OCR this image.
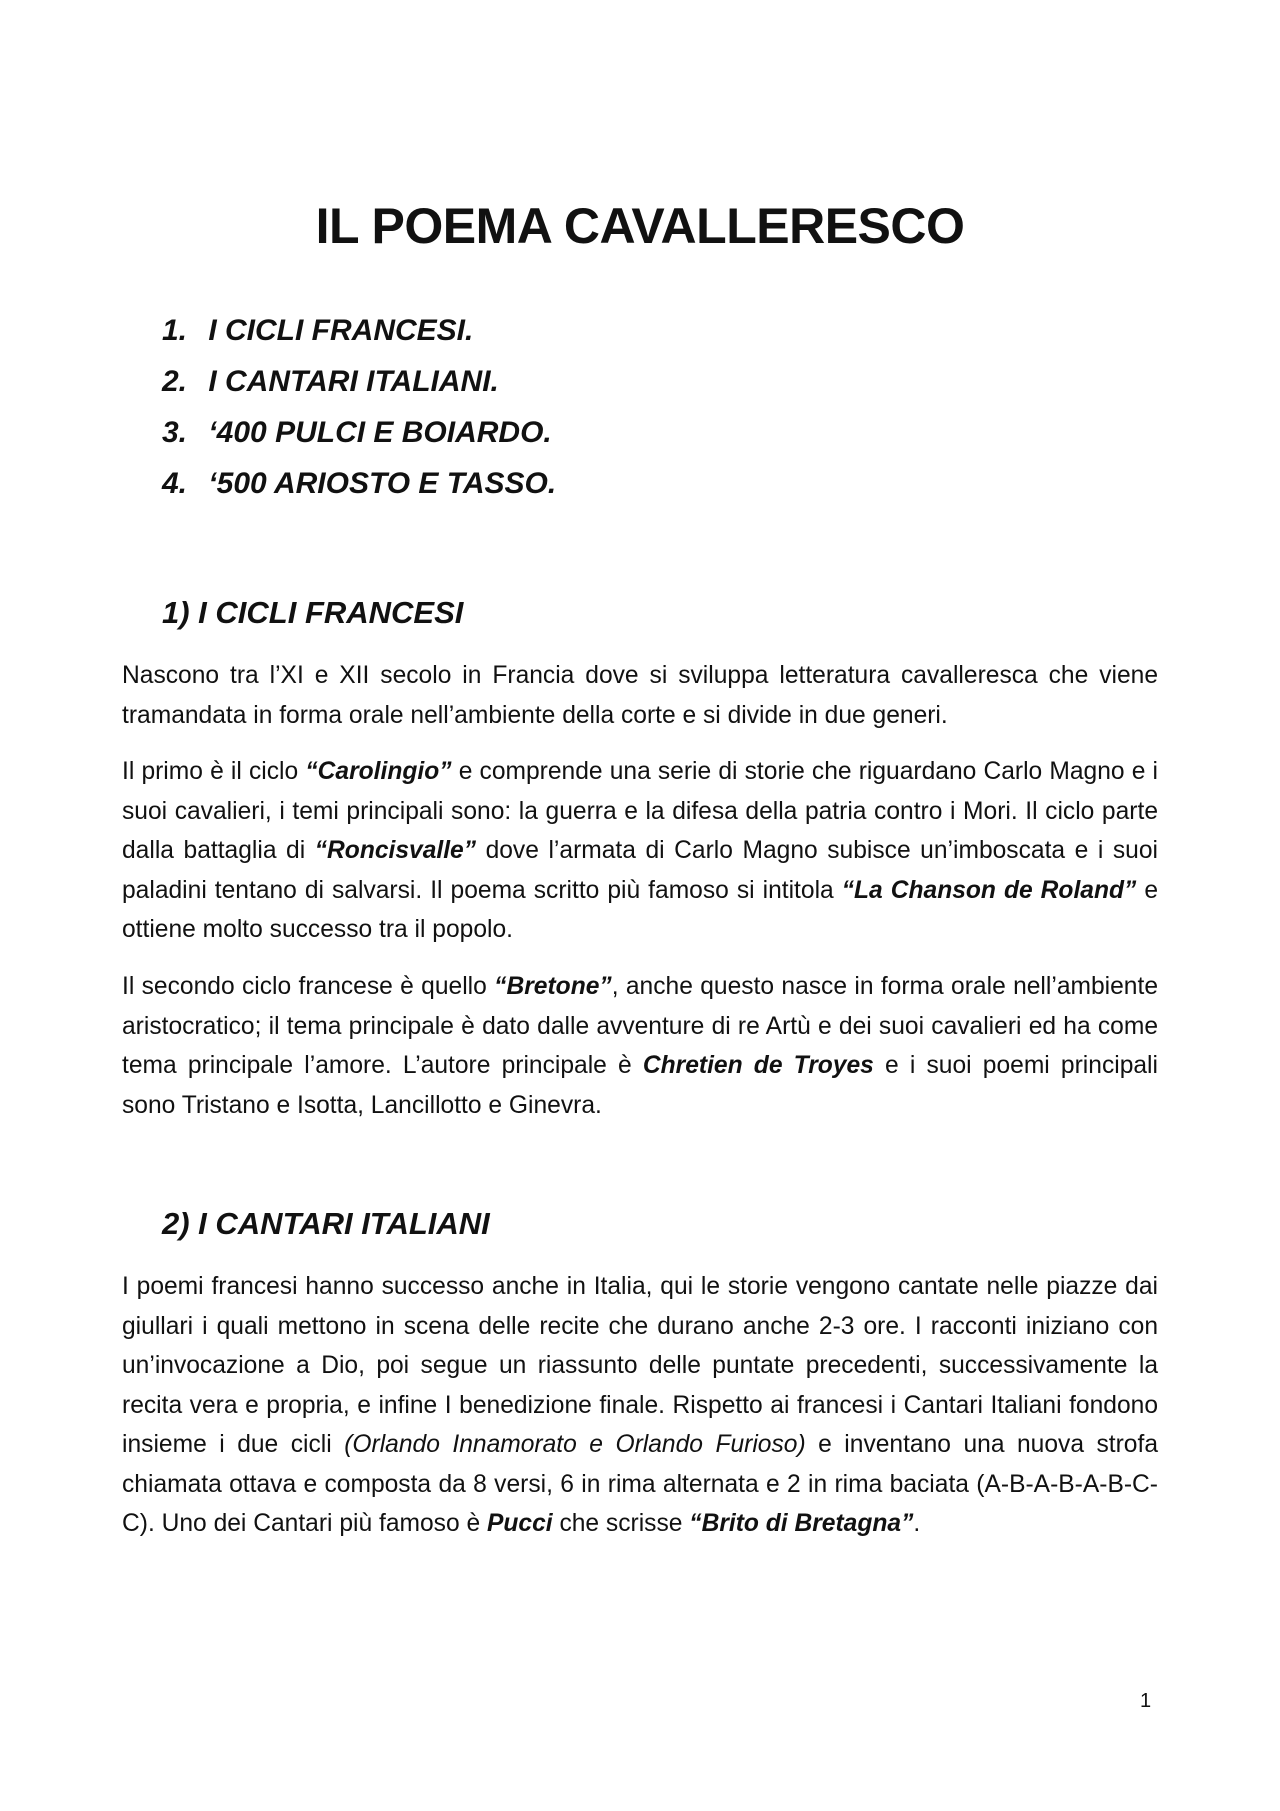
IL POEMA CAVALLERESCO
1. I CICLI FRANCESI.
2. I CANTARI ITALIANI.
3. ‘400 PULCI E BOIARDO.
4. ‘500 ARIOSTO E TASSO.
1) I CICLI FRANCESI

Nascono tra l’XI e XII secolo in Francia dove si sviluppa letteratura cavalleresca che viene tramandata in forma orale nell’ambiente della corte e si divide in due generi.

Il primo è il ciclo “Carolingio” e comprende una serie di storie che riguardano Carlo Magno e i suoi cavalieri, i temi principali sono: la guerra e la difesa della patria contro i Mori. Il ciclo parte dalla battaglia di “Roncisvalle” dove l’armata di Carlo Magno subisce un’imboscata e i suoi paladini tentano di salvarsi. Il poema scritto più famoso si intitola “La Chanson de Roland” e ottiene molto successo tra il popolo.

Il secondo ciclo francese è quello “Bretone”, anche questo nasce in forma orale nell’ambiente aristocratico; il tema principale è dato dalle avventure di re Artù e dei suoi cavalieri ed ha come tema principale l’amore. L’autore principale è Chretien de Troyes e i suoi poemi principali sono Tristano e Isotta, Lancillotto e Ginevra.

2) I CANTARI ITALIANI

I poemi francesi hanno successo anche in Italia, qui le storie vengono cantate nelle piazze dai giullari i quali mettono in scena delle recite che durano anche 2-3 ore. I racconti iniziano con un’invocazione a Dio, poi segue un riassunto delle puntate precedenti, successivamente la recita vera e propria, e infine I benedizione finale. Rispetto ai francesi i Cantari Italiani fondono insieme i due cicli (Orlando Innamorato e Orlando Furioso) e inventano una nuova strofa chiamata ottava e composta da 8 versi, 6 in rima alternata e 2 in rima baciata (A-B-A-B-A-B-C-C). Uno dei Cantari più famoso è Pucci che scrisse “Brito di Bretagna”.

1
